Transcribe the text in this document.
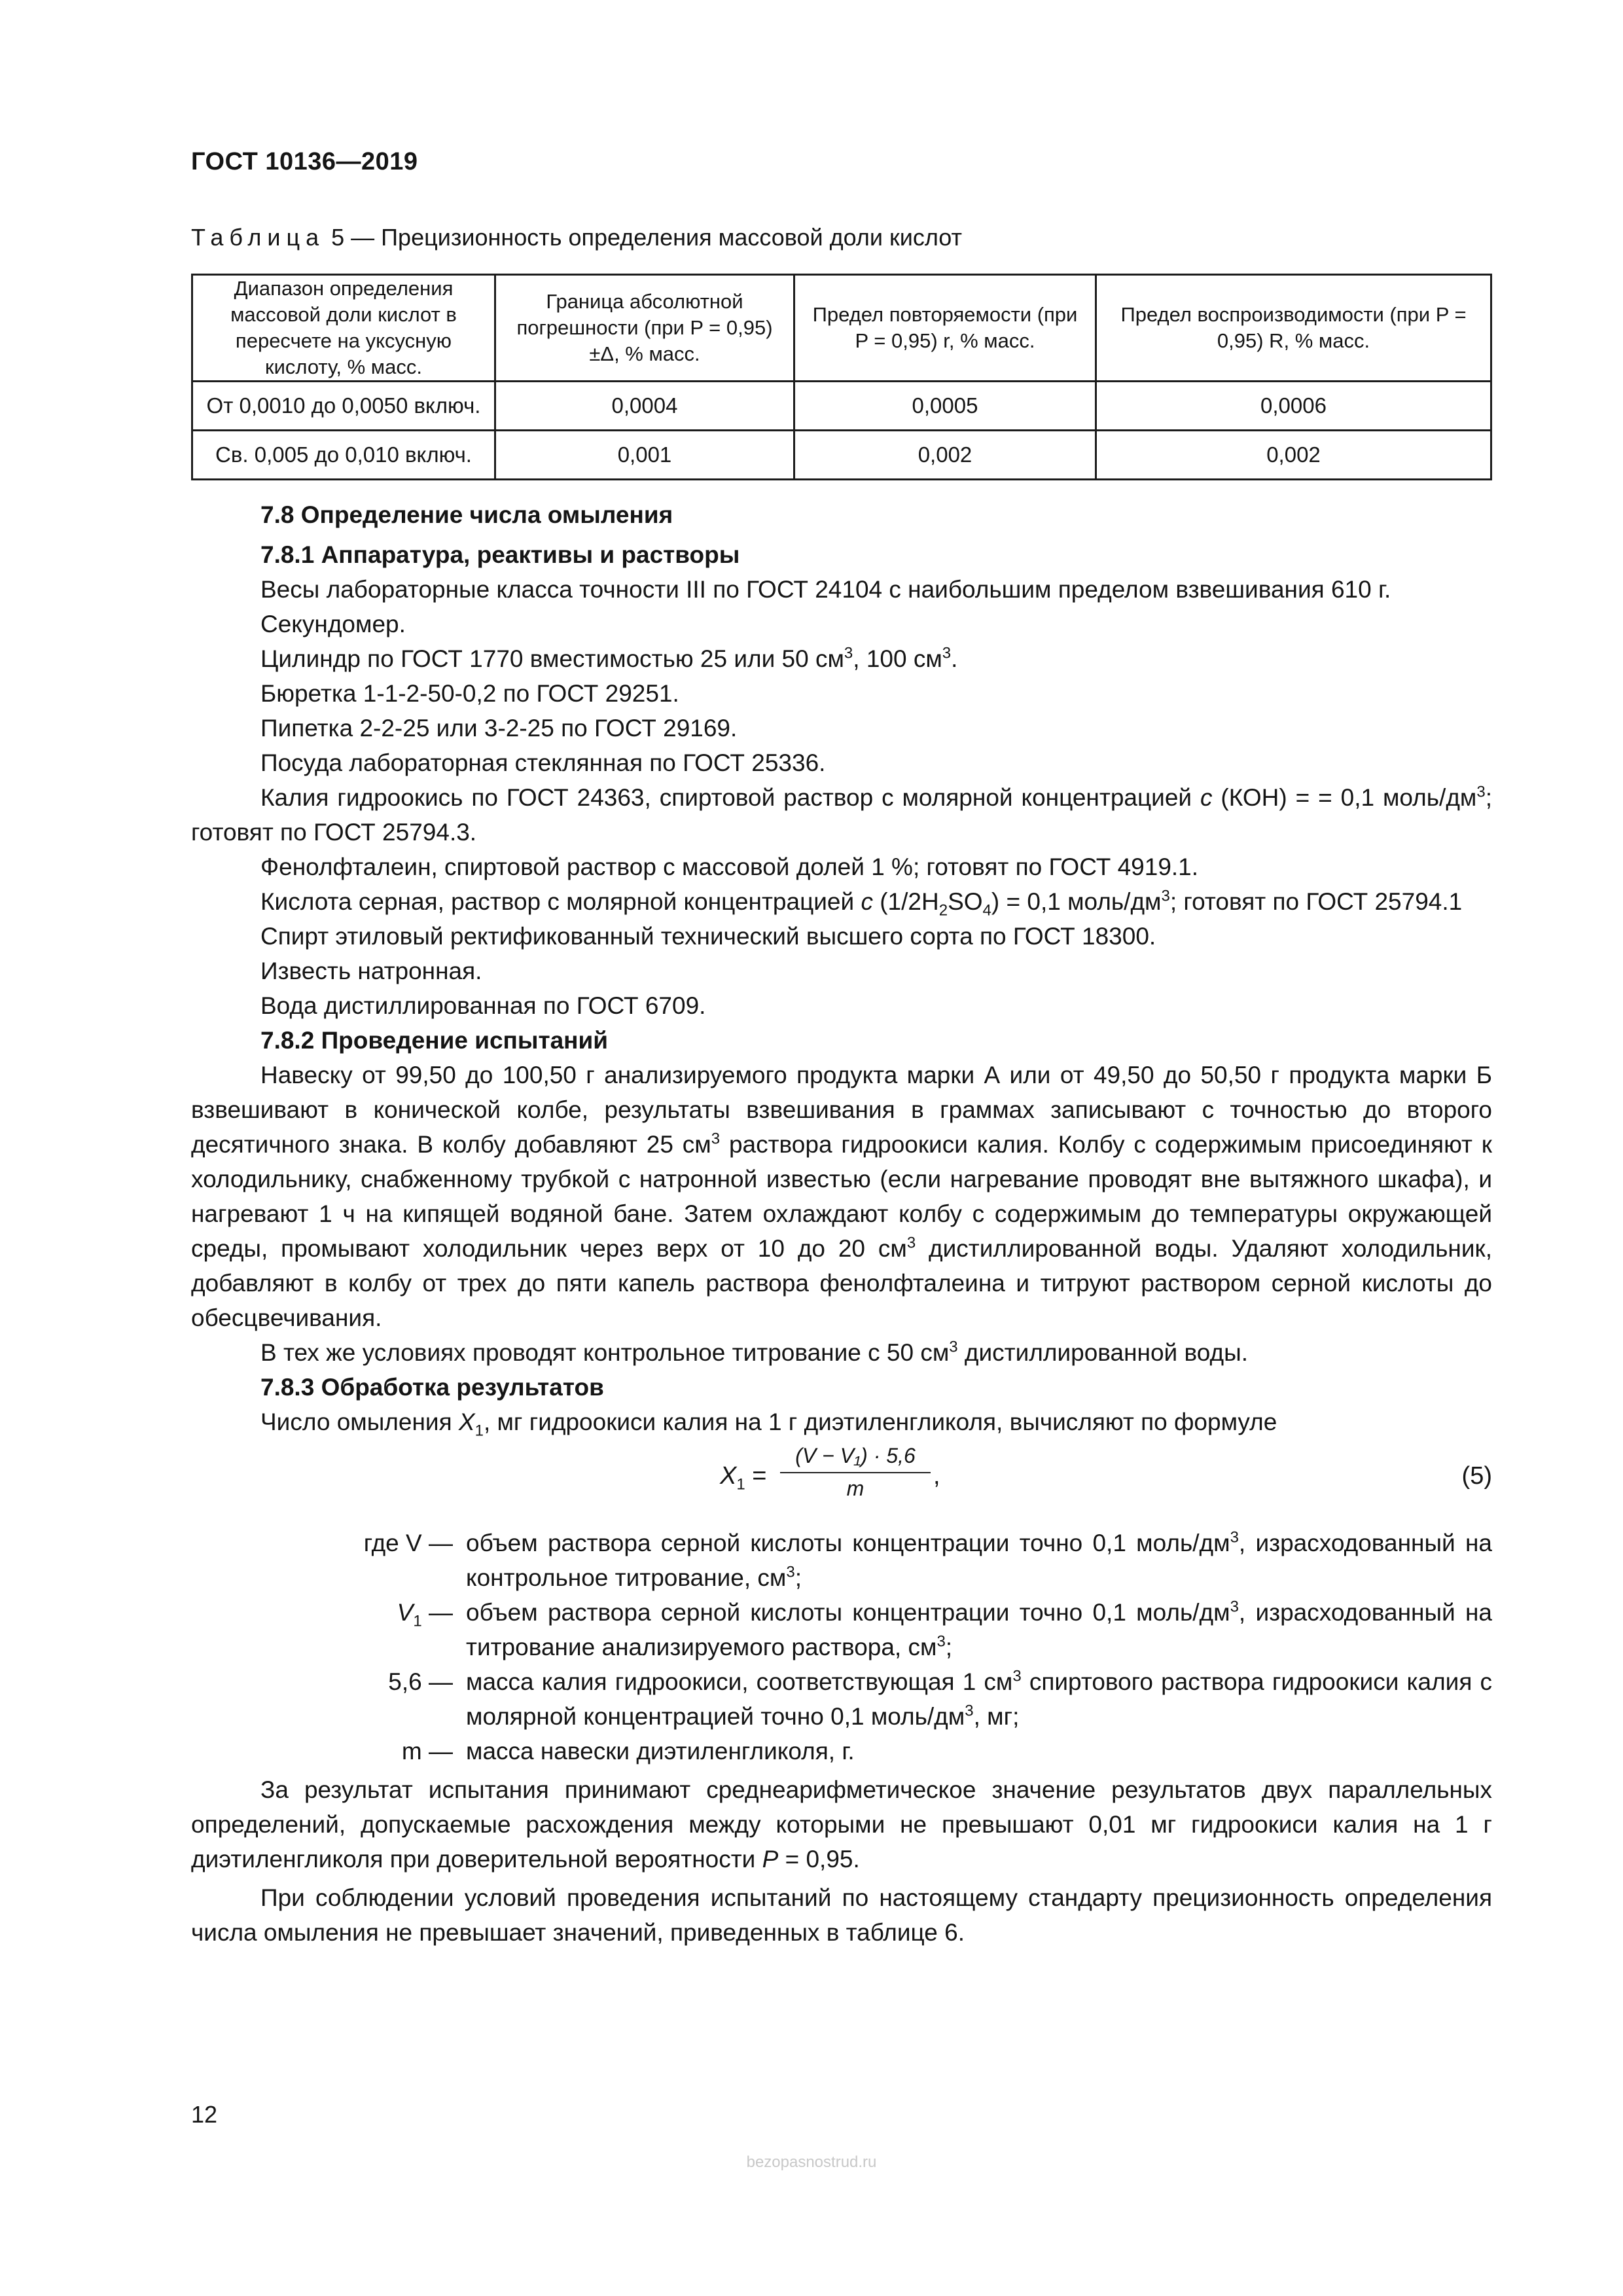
ГОСТ 10136—2019
Таблица 5 — Прецизионность определения массовой доли кислот
Диапазон определения массовой доли кислот в пересчете на уксусную кислоту, % масс.	Граница абсолютной погрешности (при P = 0,95) ±Δ, % масс.	Предел повторяемости (при P = 0,95) r, % масс.	Предел воспроизводимости (при P = 0,95) R, % масс.
От 0,0010 до 0,0050 включ.	0,0004	0,0005	0,0006
Св. 0,005 до 0,010 включ.	0,001	0,002	0,002

7.8 Определение числа омыления

7.8.1 Аппаратура, реактивы и растворы

Весы лабораторные класса точности III по ГОСТ 24104 с наибольшим пределом взвешивания 610 г.

Секундомер.

Цилиндр по ГОСТ 1770 вместимостью 25 или 50 $см^3$, 100 $см^3$.

Бюретка 1-1-2-50-0,2 по ГОСТ 29251.

Пипетка 2-2-25 или 3-2-25 по ГОСТ 29169.

Посуда лабораторная стеклянная по ГОСТ 25336.

Калия гидроокись по ГОСТ 24363, спиртовой раствор с молярной концентрацией c (КОН) = = 0,1 моль/$дм^3$; готовят по ГОСТ 25794.3.

Фенолфталеин, спиртовой раствор с массовой долей 1 %; готовят по ГОСТ 4919.1.

Кислота серная, раствор с молярной концентрацией c $(1/2H_2SO_4) = 0,1$ моль/$дм^3$; готовят по ГОСТ 25794.1

Спирт этиловый ректификованный технический высшего сорта по ГОСТ 18300.

Известь натронная.

Вода дистиллированная по ГОСТ 6709.

7.8.2 Проведение испытаний

Навеску от 99,50 до 100,50 г анализируемого продукта марки А или от 49,50 до 50,50 г продукта марки Б взвешивают в конической колбе, результаты взвешивания в граммах записывают с точностью до второго десятичного знака. В колбу добавляют 25 $см^3$ раствора гидроокиси калия. Колбу с содержимым присоединяют к холодильнику, снабженному трубкой с натронной известью (если нагревание проводят вне вытяжного шкафа), и нагревают 1 ч на кипящей водяной бане. Затем охлаждают колбу с содержимым до температуры окружающей среды, промывают холодильник через верх от 10 до 20 $см^3$ дистиллированной воды. Удаляют холодильник, добавляют в колбу от трех до пяти капель раствора фенолфталеина и титруют раствором серной кислоты до обесцвечивания.

В тех же условиях проводят контрольное титрование с 50 $см^3$ дистиллированной воды.

7.8.3 Обработка результатов

Число омыления $X_1$, мг гидроокиси калия на 1 г диэтиленгликоля, вычисляют по формуле

$X_1 = \frac{\text{(V − V₁) · 5,6}}{m}$ ,	(5)

где V — объем раствора серной кислоты концентрации точно 0,1 моль/$дм^3$, израсходованный на контрольное титрование, $см^3$;

$V_1$ — объем раствора серной кислоты концентрации точно 0,1 моль/$дм^3$, израсходованный на титрование анализируемого раствора, $см^3$;

5,6 — масса калия гидроокиси, соответствующая 1 $см^3$ спиртового раствора гидроокиси калия с молярной концентрацией точно 0,1 моль/$дм^3$, мг;

m — масса навески диэтиленгликоля, г.

За результат испытания принимают среднеарифметическое значение результатов двух параллельных определений, допускаемые расхождения между которыми не превышают 0,01 мг гидроокиси калия на 1 г диэтиленгликоля при доверительной вероятности P = 0,95.

При соблюдении условий проведения испытаний по настоящему стандарту прецизионность определения числа омыления не превышает значений, приведенных в таблице 6.

12
bezopasnostrud.ru
